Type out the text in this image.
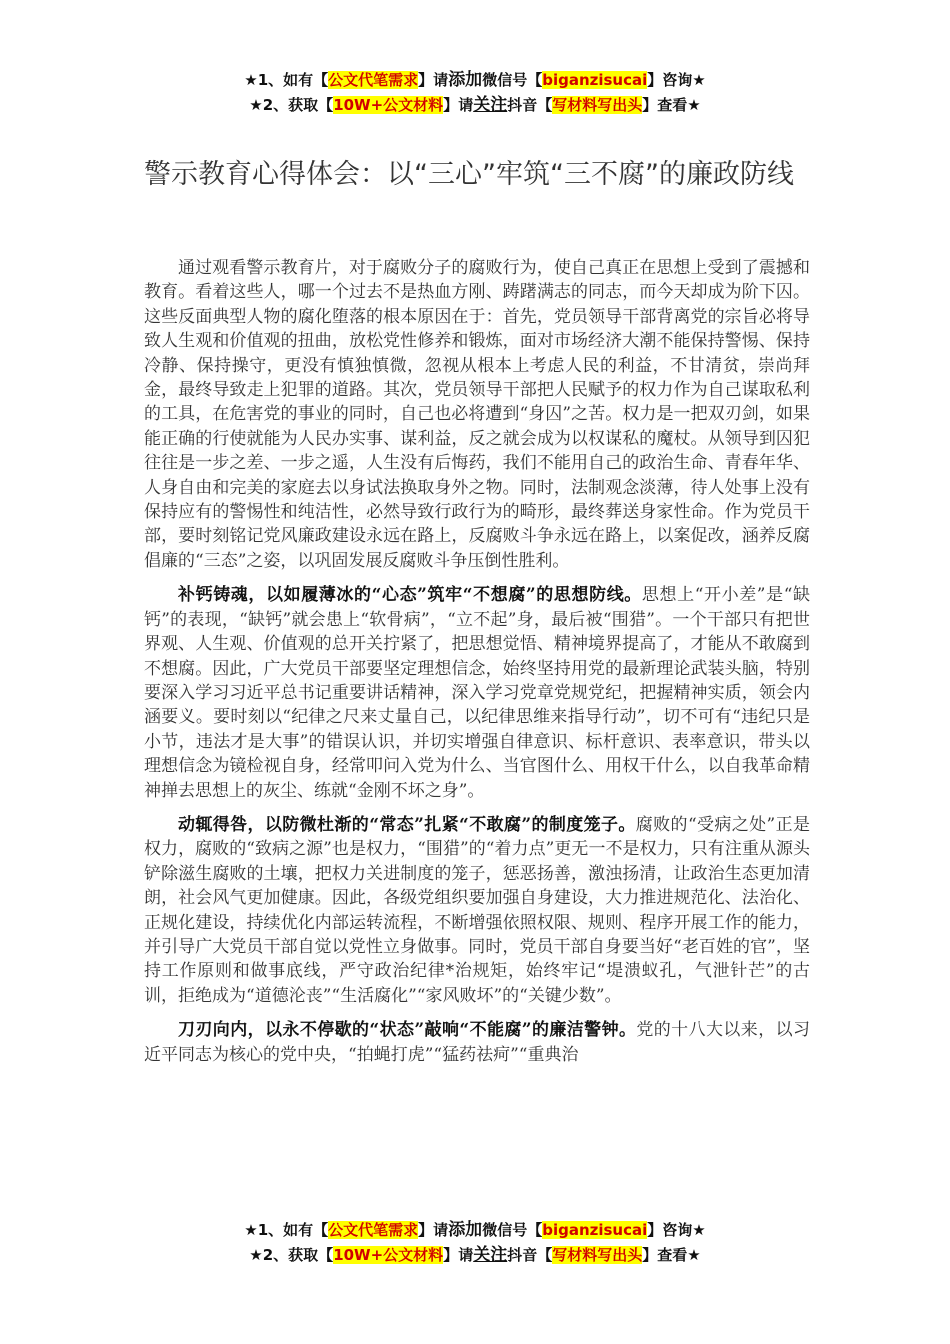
★1、如有【公文代笔需求】请添加微信号【biganzisucai】咨询★
★2、获取【10W+公文材料】请关注抖音【写材料写出头】查看★
警示教育心得体会：以“三心”牢筑“三不腐”的廉政防线

通过观看警示教育片，对于腐败分子的腐败行为，使自己真正在思想上受到了震撼和教育。看着这些人，哪一个过去不是热血方刚、踌躇满志的同志，而今天却成为阶下囚。这些反面典型人物的腐化堕落的根本原因在于：首先，党员领导干部背离党的宗旨必将导致人生观和价值观的扭曲，放松党性修养和锻炼，面对市场经济大潮不能保持警惕、保持冷静、保持操守，更没有慎独慎微，忽视从根本上考虑人民的利益，不甘清贫，崇尚拜金，最终导致走上犯罪的道路。其次，党员领导干部把人民赋予的权力作为自己谋取私利的工具，在危害党的事业的同时，自己也必将遭到“身囚”之苦。权力是一把双刃剑，如果能正确的行使就能为人民办实事、谋利益，反之就会成为以权谋私的魔杖。从领导到囚犯往往是一步之差、一步之遥，人生没有后悔药，我们不能用自己的政治生命、青春年华、人身自由和完美的家庭去以身试法换取身外之物。同时，法制观念淡薄，待人处事上没有保持应有的警惕性和纯洁性，必然导致行政行为的畸形，最终葬送身家性命。作为党员干部，要时刻铭记党风廉政建设永远在路上，反腐败斗争永远在路上，以案促改，涵养反腐倡廉的“三态”之姿，以巩固发展反腐败斗争压倒性胜利。

补钙铸魂，以如履薄冰的“心态”筑牢“不想腐”的思想防线。思想上“开小差”是“缺钙”的表现，“缺钙”就会患上“软骨病”，“立不起”身，最后被“围猎”。一个干部只有把世界观、人生观、价值观的总开关拧紧了，把思想觉悟、精神境界提高了，才能从不敢腐到不想腐。因此，广大党员干部要坚定理想信念，始终坚持用党的最新理论武装头脑，特别要深入学习习近平总书记重要讲话精神，深入学习党章党规党纪，把握精神实质，领会内涵要义。要时刻以“纪律之尺来丈量自己，以纪律思维来指导行动”，切不可有“违纪只是小节，违法才是大事”的错误认识，并切实增强自律意识、标杆意识、表率意识，带头以理想信念为镜检视自身，经常叩问入党为什么、当官图什么、用权干什么，以自我革命精神掸去思想上的灰尘、练就“金刚不坏之身”。

动辄得咎，以防微杜渐的“常态”扎紧“不敢腐”的制度笼子。腐败的“受病之处”正是权力，腐败的“致病之源”也是权力，“围猎”的“着力点”更无一不是权力，只有注重从源头铲除滋生腐败的土壤，把权力关进制度的笼子，惩恶扬善，激浊扬清，让政治生态更加清朗，社会风气更加健康。因此，各级党组织要加强自身建设，大力推进规范化、法治化、正规化建设，持续优化内部运转流程，不断增强依照权限、规则、程序开展工作的能力，并引导广大党员干部自觉以党性立身做事。同时，党员干部自身要当好“老百姓的官”，坚持工作原则和做事底线，严守政治纪律*治规矩，始终牢记“堤溃蚁孔，气泄针芒”的古训，拒绝成为“道德沦丧”“生活腐化”“家风败坏”的“关键少数”。

刀刃向内，以永不停歇的“状态”敲响“不能腐”的廉洁警钟。党的十八大以来，以习近平同志为核心的党中央，“拍蝇打虎”“猛药祛疴”“重典治

★1、如有【公文代笔需求】请添加微信号【biganzisucai】咨询★
★2、获取【10W+公文材料】请关注抖音【写材料写出头】查看★
